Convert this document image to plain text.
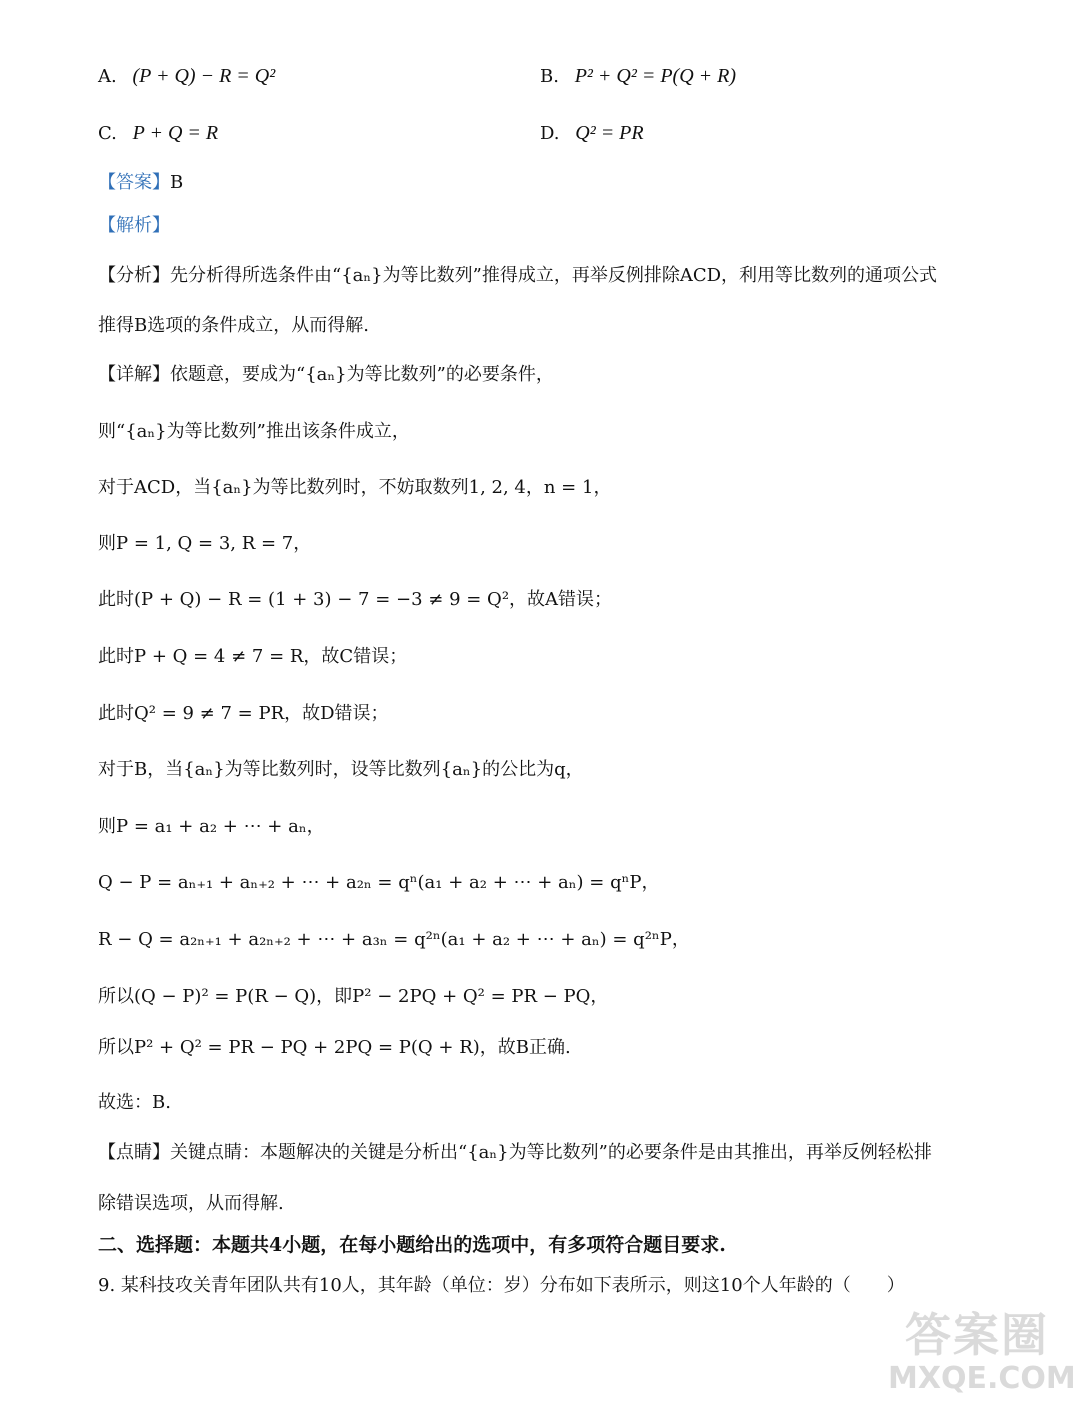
A. (P + Q) − R = Q²	B. P² + Q² = P(Q + R)
C. P + Q = R	D. Q² = PR
【答案】B
【解析】
【分析】先分析得所选条件由“{aₙ}为等比数列”推得成立，再举反例排除ACD，利用等比数列的通项公式
推得B选项的条件成立，从而得解.
【详解】依题意，要成为“{aₙ}为等比数列”的必要条件，
则“{aₙ}为等比数列”推出该条件成立，
对于ACD，当{aₙ}为等比数列时，不妨取数列1, 2, 4，n = 1，
则P = 1, Q = 3, R = 7，
此时(P + Q) − R = (1 + 3) − 7 = −3 ≠ 9 = Q²，故A错误；
此时P + Q = 4 ≠ 7 = R，故C错误；
此时Q² = 9 ≠ 7 = PR，故D错误；
对于B，当{aₙ}为等比数列时，设等比数列{aₙ}的公比为q，
则P = a₁ + a₂ + ⋯ + aₙ，
Q − P = aₙ₊₁ + aₙ₊₂ + ⋯ + a₂ₙ = qⁿ(a₁ + a₂ + ⋯ + aₙ) = qⁿP，
R − Q = a₂ₙ₊₁ + a₂ₙ₊₂ + ⋯ + a₃ₙ = q²ⁿ(a₁ + a₂ + ⋯ + aₙ) = q²ⁿP，
所以(Q − P)² = P(R − Q)，即P² − 2PQ + Q² = PR − PQ，
所以P² + Q² = PR − PQ + 2PQ = P(Q + R)，故B正确.
故选：B.
【点睛】关键点睛：本题解决的关键是分析出“{aₙ}为等比数列”的必要条件是由其推出，再举反例轻松排
除错误选项，从而得解.
二、选择题：本题共4小题，在每小题给出的选项中，有多项符合题目要求.
9. 某科技攻关青年团队共有10人，其年龄（单位：岁）分布如下表所示，则这10个人年龄的（　　）
答案圈
MXQE.COM
